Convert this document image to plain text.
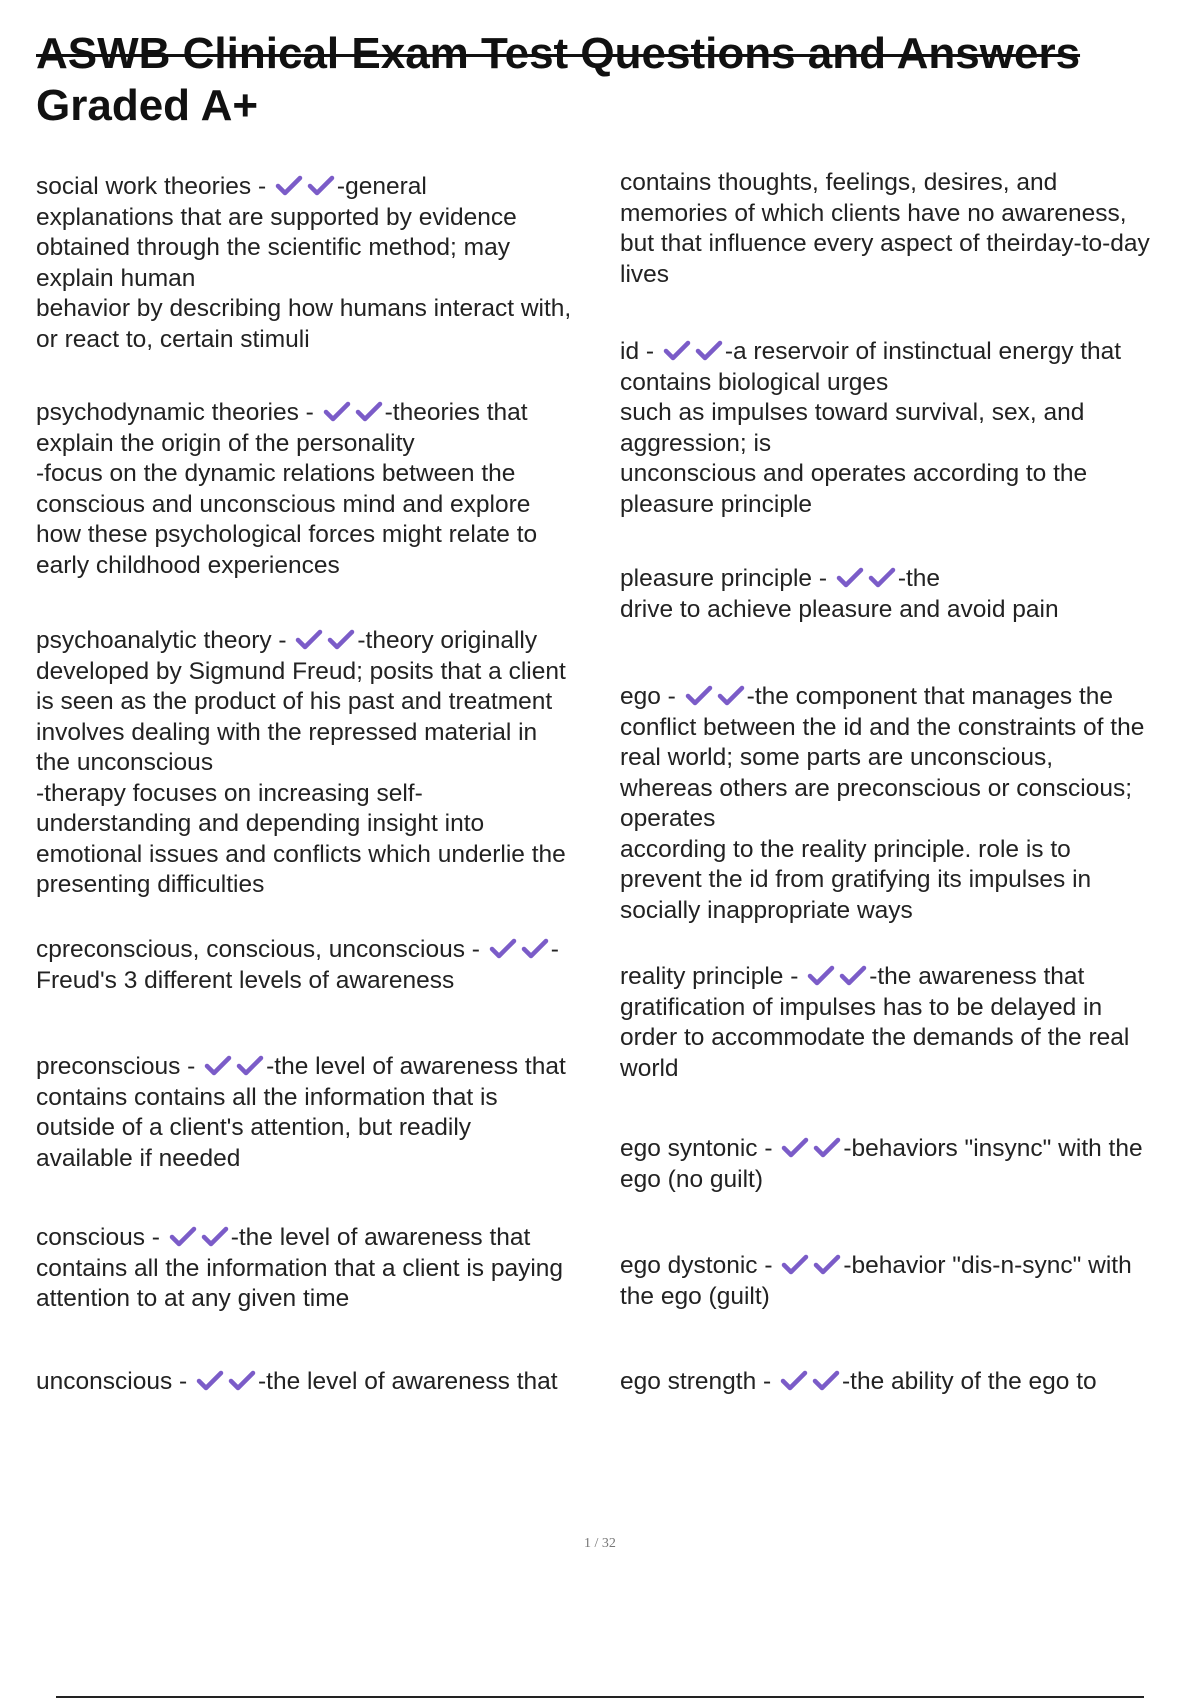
ASWB Clinical Exam Test Questions and Answers
Graded A+

social work theories -	-general

explanations that are supported by evidence

obtained through the scientific method; may

explain human

behavior by describing how humans interact with,

or react to, certain stimuli

psychodynamic theories -	-theories that

explain the origin of the personality

-focus on the dynamic relations between the

conscious and unconscious mind and explore

how these psychological forces might relate to

early childhood experiences

psychoanalytic theory -	-theory originally

developed by Sigmund Freud; posits that a client

is seen as the product of his past and treatment

involves dealing with the repressed material in

the unconscious

-therapy focuses on increasing self-

understanding and depending insight into

emotional issues and conflicts which underlie the

presenting difficulties

cpreconscious, conscious, unconscious -	-

Freud's 3 different levels of awareness

preconscious -	-the level of awareness that

contains contains all the information that is

outside of a client's attention, but readily

available if needed

conscious -	-the level of awareness that

contains all the information that a client is paying

attention to at any given time

unconscious -	-the level of awareness that

contains thoughts, feelings, desires, and

memories of which clients have no awareness,

but that influence every aspect of theirday-to-day

lives

id -	-a reservoir of instinctual energy that

contains biological urges

such as impulses toward survival, sex, and

aggression; is

unconscious and operates according to the

pleasure principle

pleasure principle -	-the

drive to achieve pleasure and avoid pain

ego -	-the component that manages the

conflict between the id and the constraints of the

real world; some parts are unconscious,

whereas others are preconscious or conscious;

operates

according to the reality principle. role is to

prevent the id from gratifying its impulses in

socially inappropriate ways

reality principle -	-the awareness that

gratification of impulses has to be delayed in

order to accommodate the demands of the real

world

ego syntonic -	-behaviors "insync" with the

ego (no guilt)

ego dystonic -	-behavior "dis-n-sync" with

the ego (guilt)

ego strength -	-the ability of the ego to

1 / 32
